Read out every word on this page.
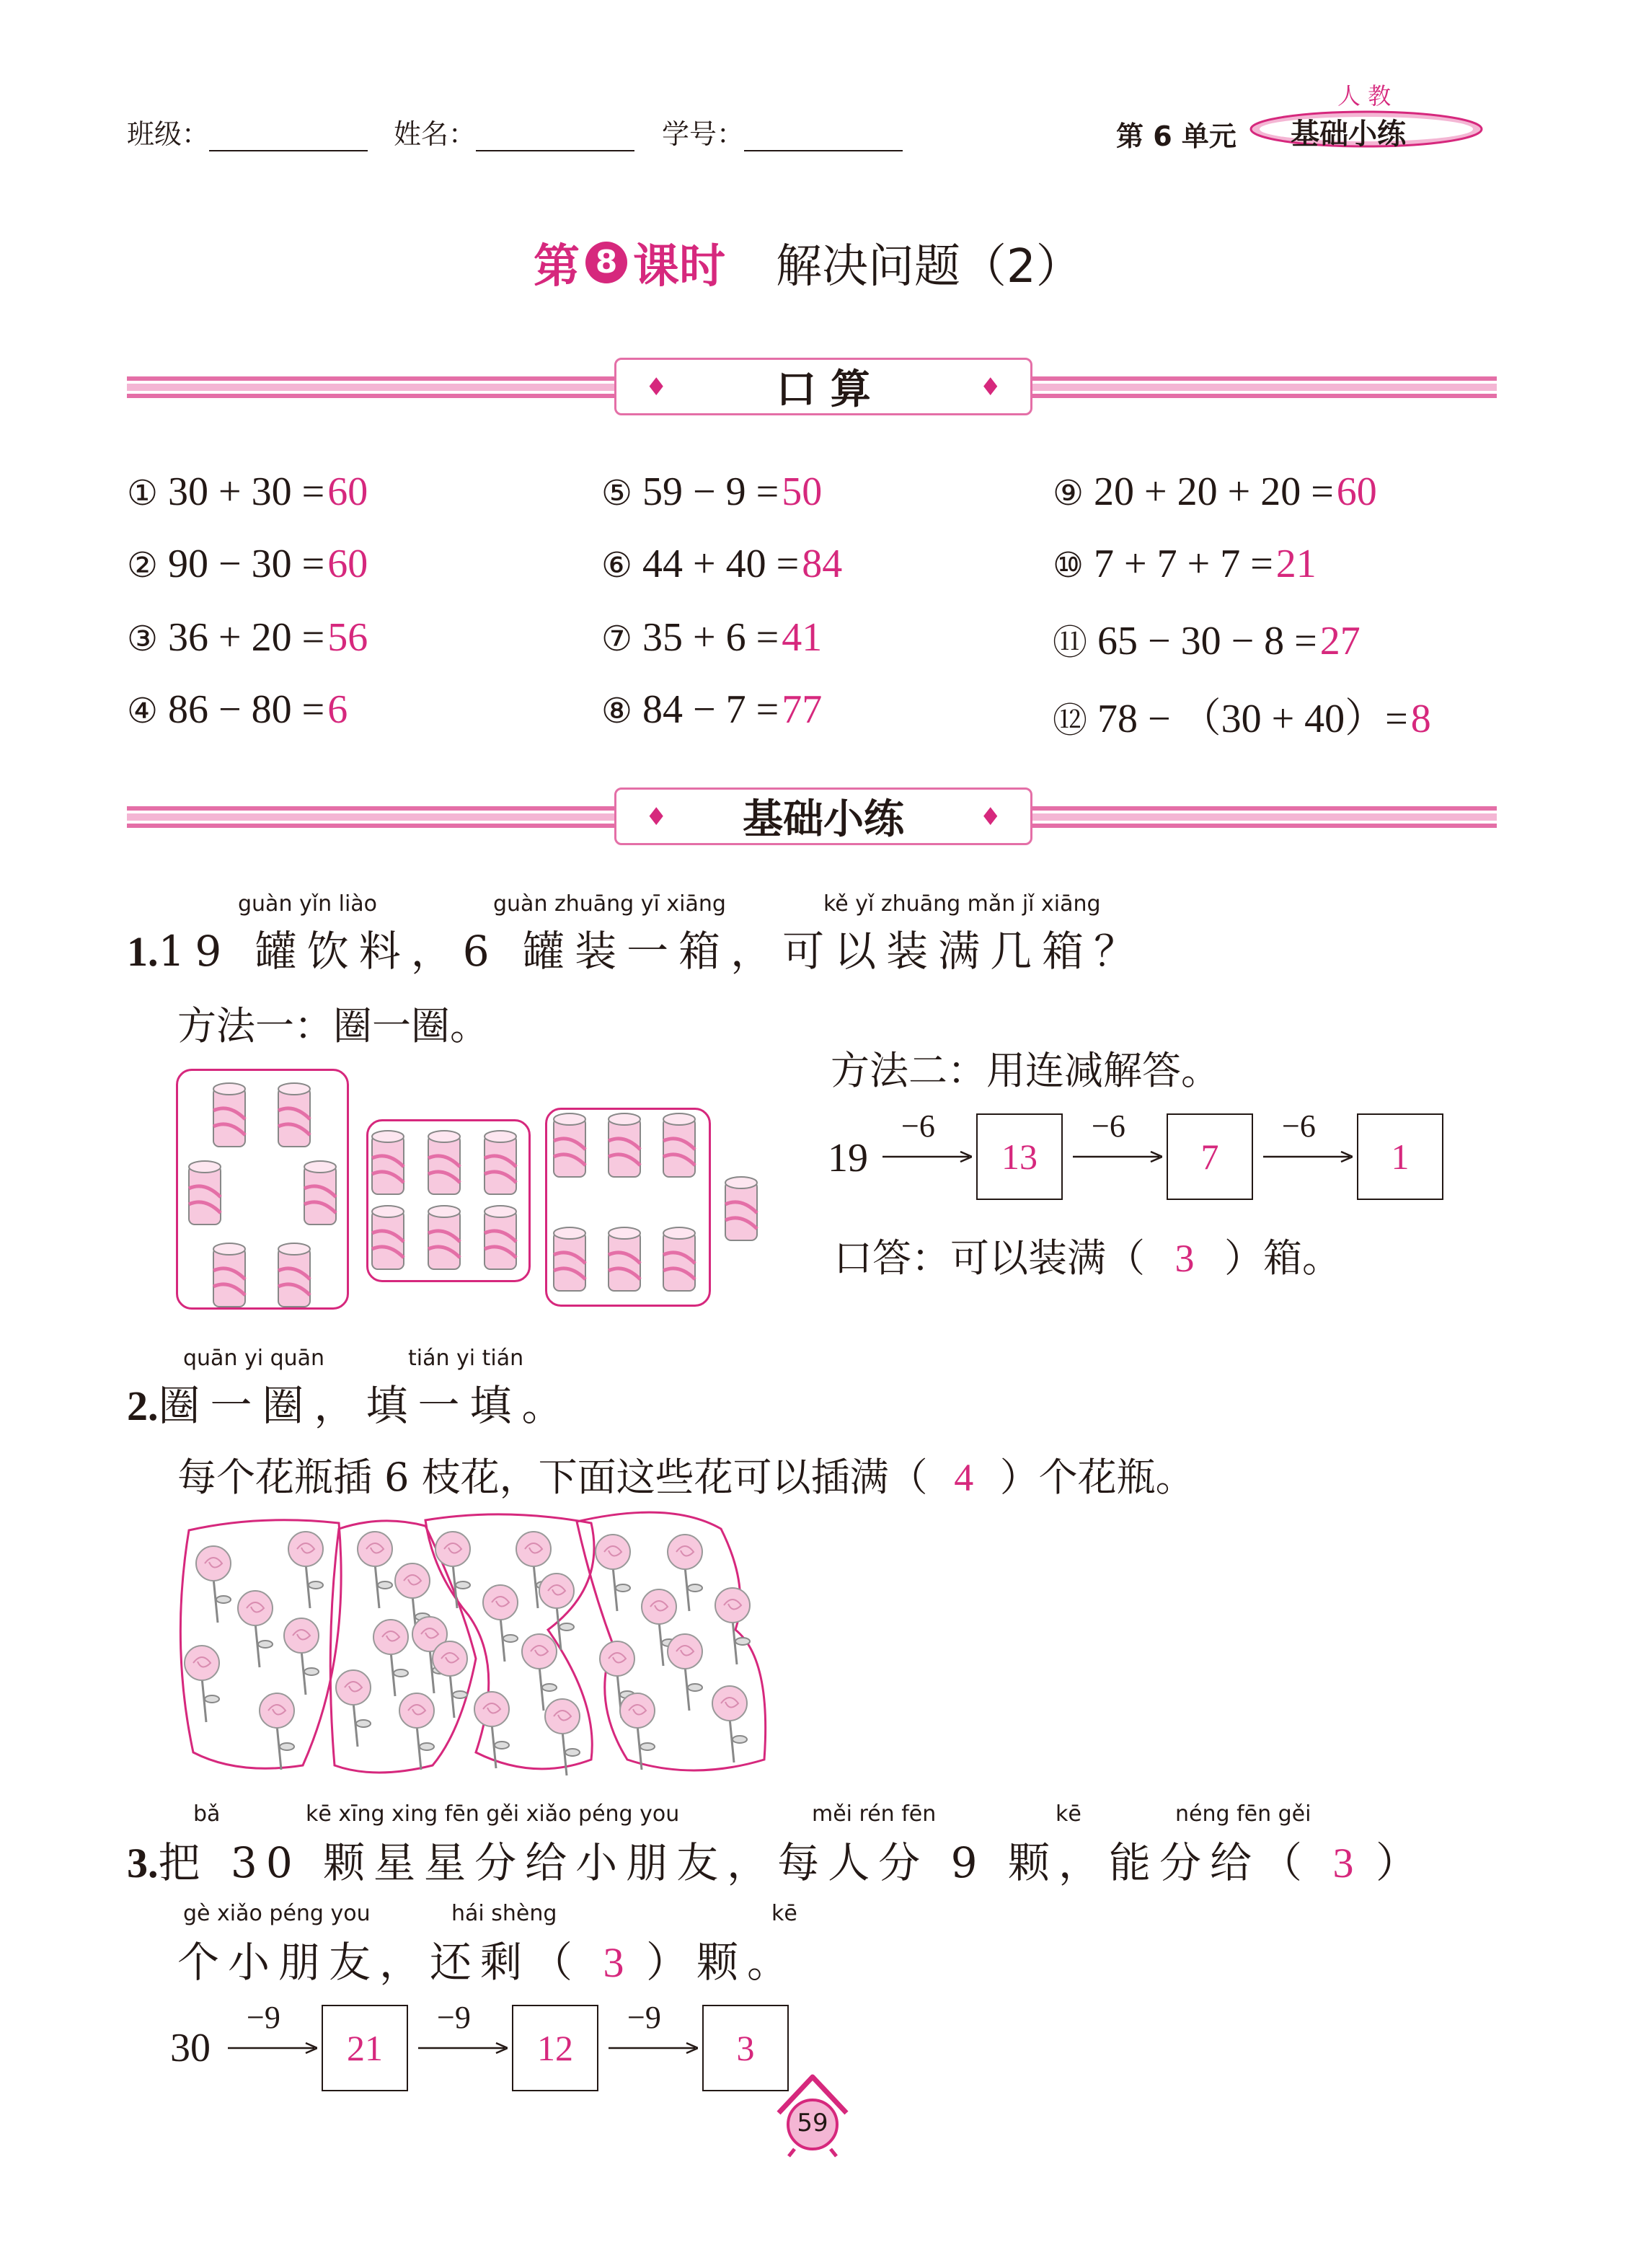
班级：	姓名：	学号：	第 6 单元
人 教
基础小练
第 8 课时 解决问题（2）
♦	口 算	♦
① 30 + 30 =60
② 90 − 30 =60
③ 36 + 20 =56
④ 86 − 80 =6
⑤ 59 − 9 =50
⑥ 44 + 40 =84
⑦ 35 + 6 =41
⑧ 84 − 7 =77
⑨ 20 + 20 + 20 =60
⑩ 7 + 7 + 7 =21
⑪ 65 − 30 − 8 =27
⑫ 78 − （30 + 40）=8
♦ 基础小练	♦
guàn yǐn liào	guàn zhuāng yī xiāng	kě yǐ zhuāng mǎn jǐ xiāng
1.19 罐饮料，6 罐装一箱，可以装满几箱？
方法一：圈一圈。
方法二：用连减解答。
19
−6
13
−6
7
−6
1
口答：可以装满（ 3 ）箱。
quān yi quān	tián yi tián
2.圈一圈，填一填。
每个花瓶插 6 枝花，下面这些花可以插满（ 4 ）个花瓶。
bǎ	kē xīng xing fēn gěi xiǎo péng you	měi rén fēn	kē	néng fēn gěi
3.把 30 颗星星分给小朋友，每人分 9 颗，能分给（ 3 ）
gè xiǎo péng you	hái shèng	kē
个小朋友，还剩（ 3 ）颗。
30
−9
21
−9
12
−9
3
59
